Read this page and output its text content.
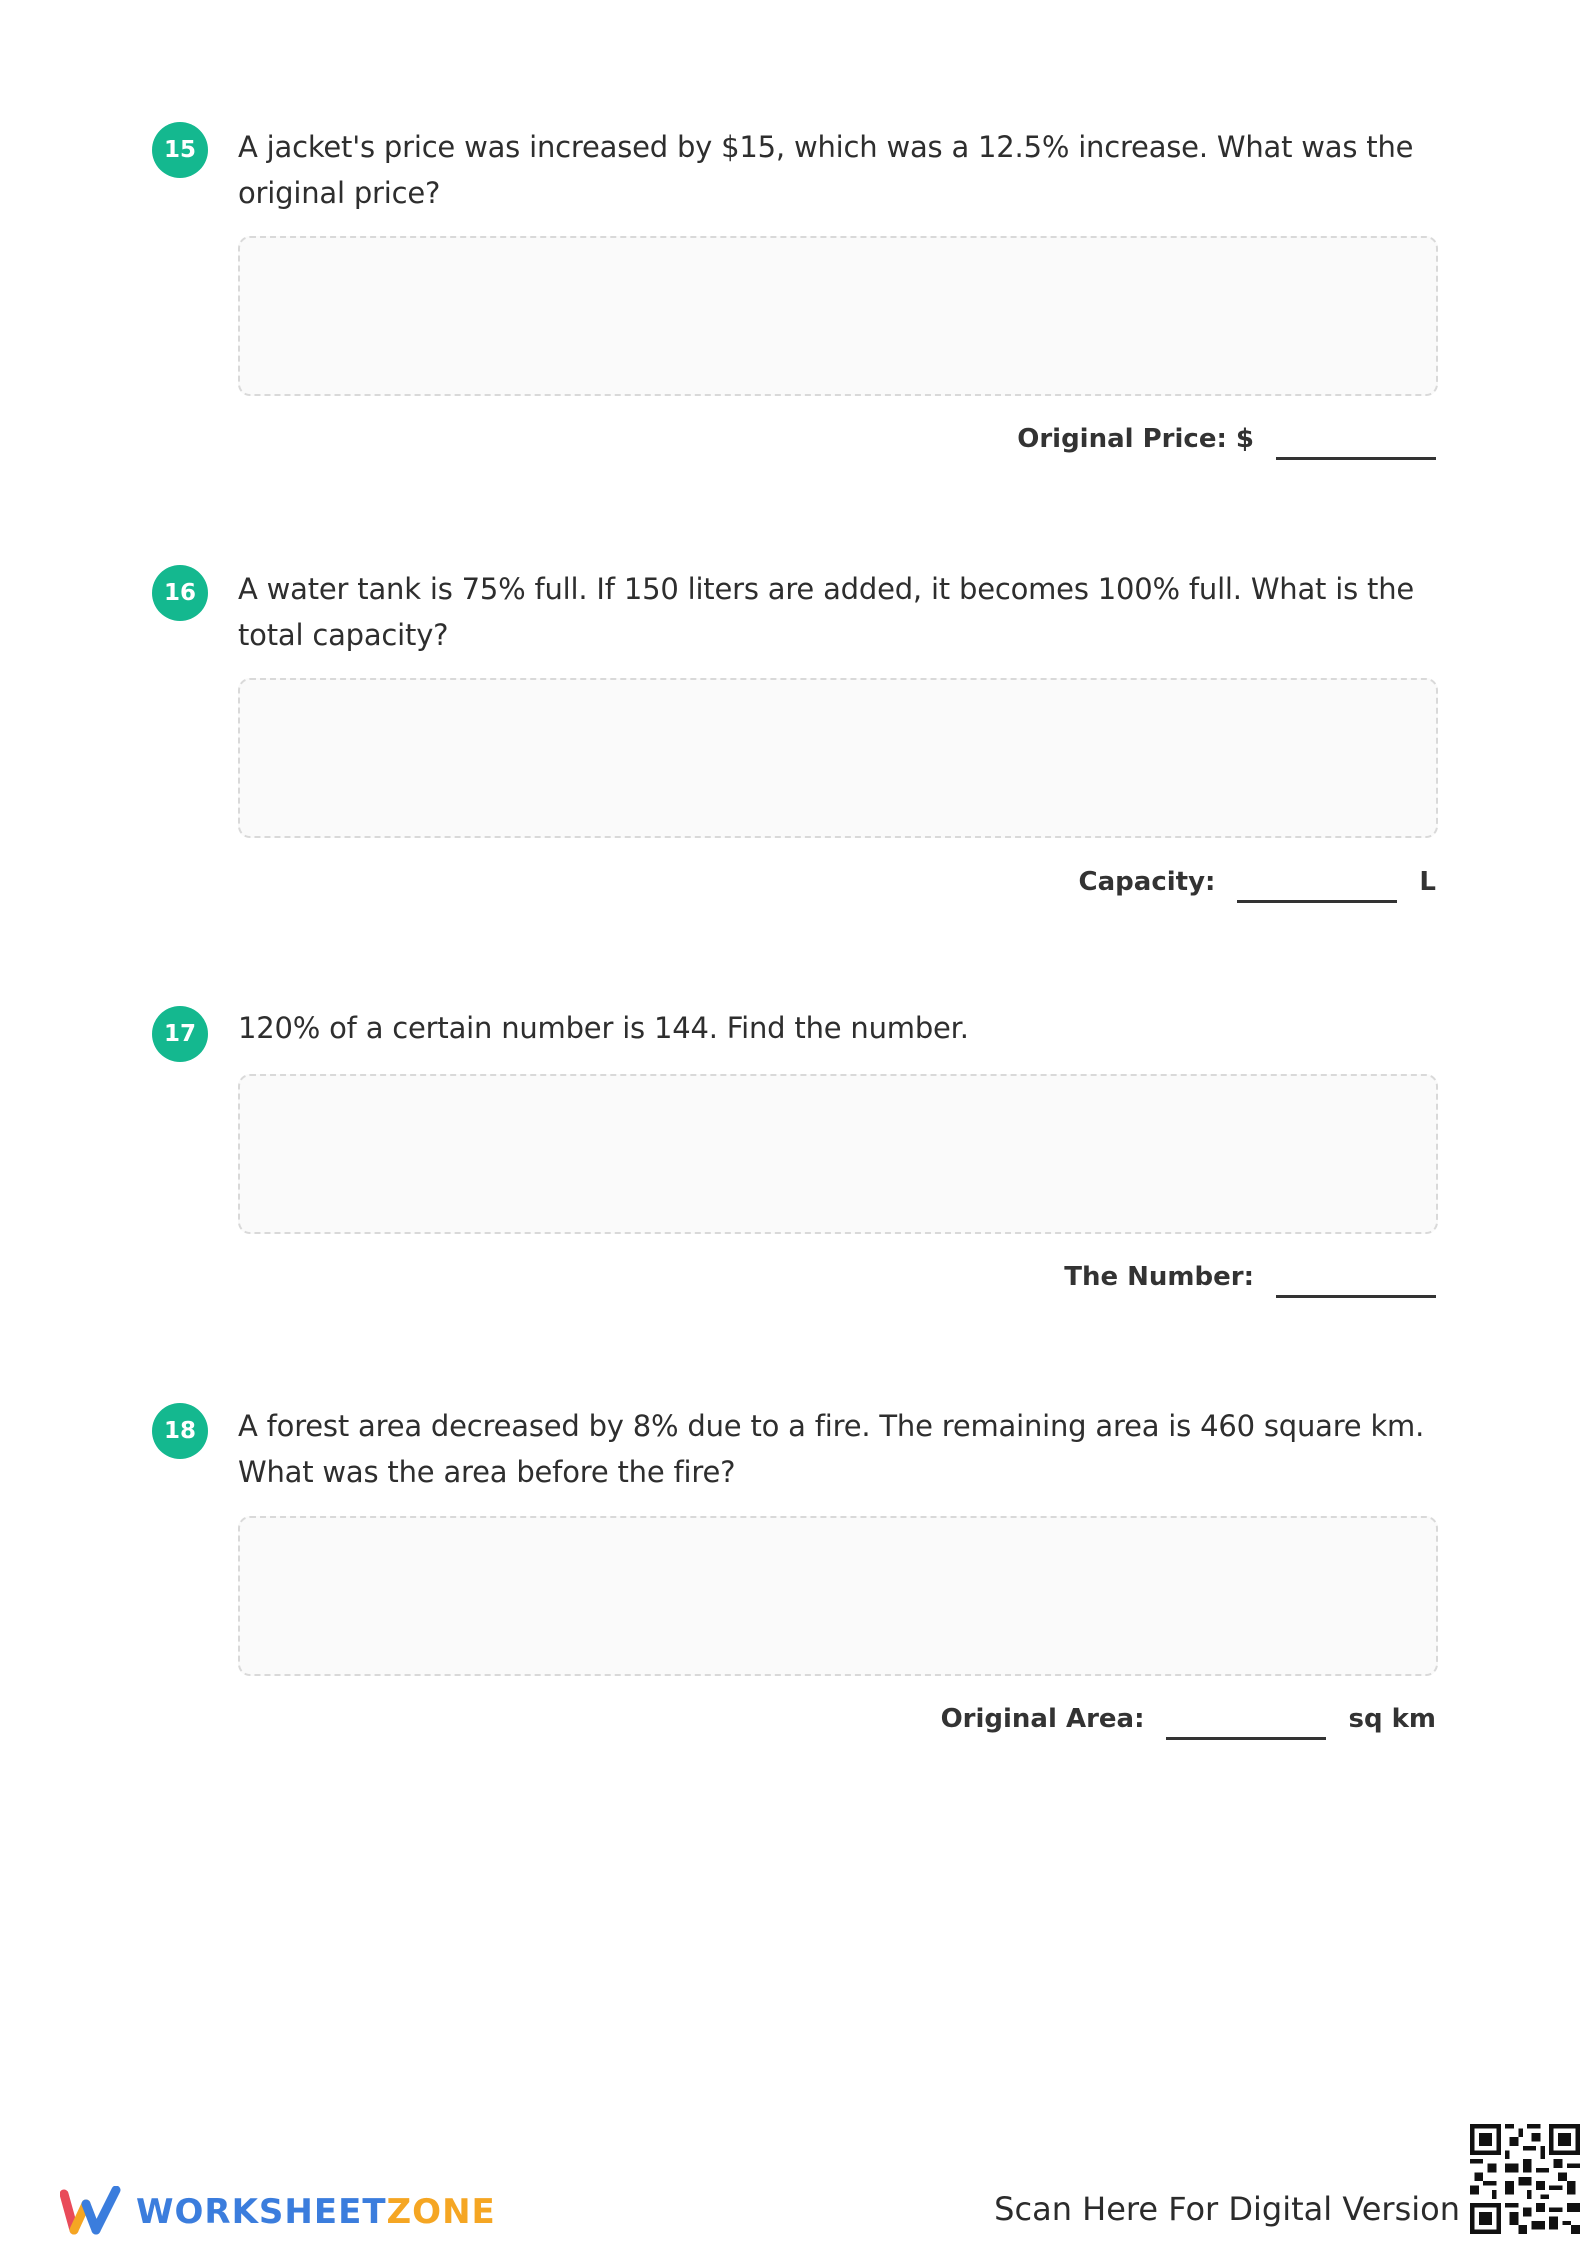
15	A jacket's price was increased by $15, which was a 12.5% increase. What was the original price?
Original Price: $
16	A water tank is 75% full. If 150 liters are added, it becomes 100% full. What is the total capacity?
Capacity:	L
17	120% of a certain number is 144. Find the number.
The Number:
18	A forest area decreased by 8% due to a fire. The remaining area is 460 square km. What was the area before the fire?
Original Area:	sq km
WORKSHEETZONE	Scan Here For Digital Version
